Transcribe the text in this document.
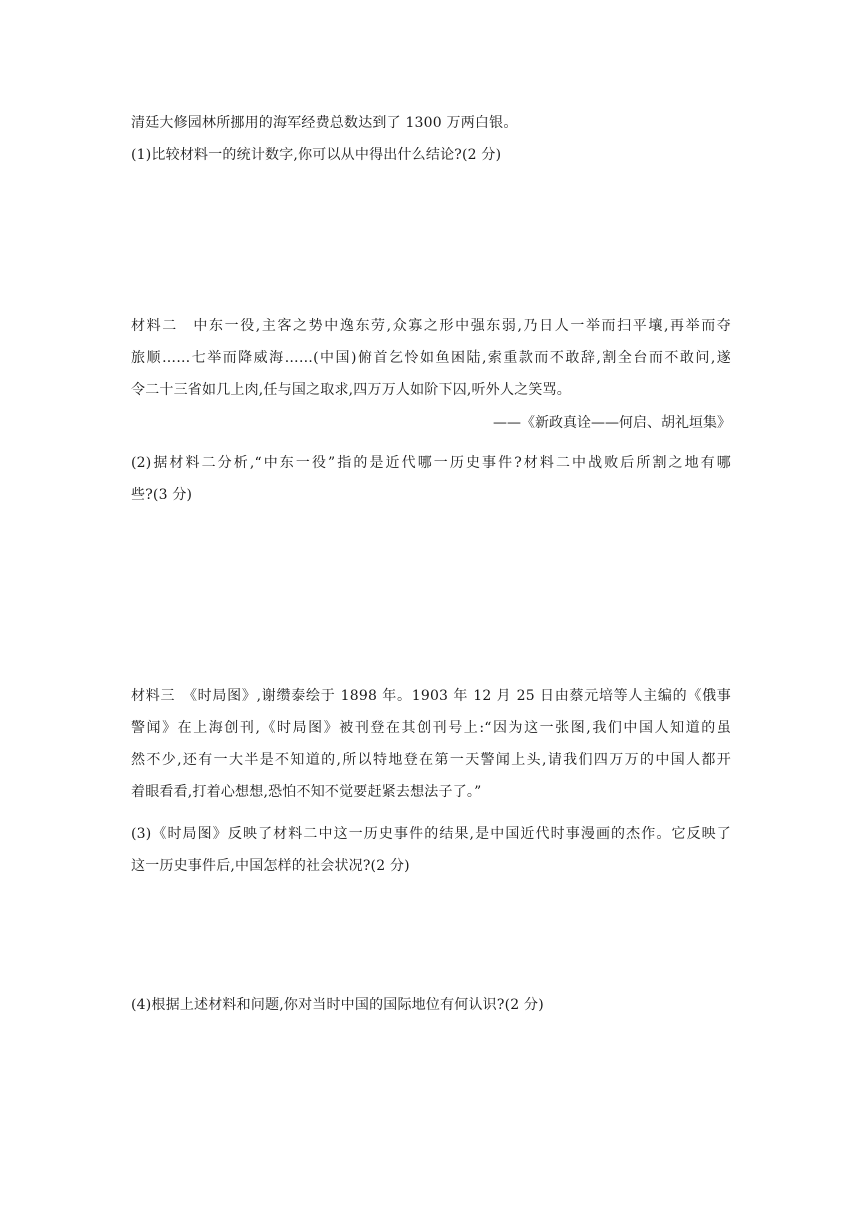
清廷大修园林所挪用的海军经费总数达到了 1300 万两白银。
(1)比较材料一的统计数字,你可以从中得出什么结论?(2 分)
材料二　中东一役,主客之势中逸东劳,众寡之形中强东弱,乃日人一举而扫平壤,再举而夺
旅顺……七举而降威海……(中国)俯首乞怜如鱼困陆,索重款而不敢辞,割全台而不敢问,遂
令二十三省如几上肉,任与国之取求,四万万人如阶下囚,听外人之笑骂。
——《新政真诠——何启、胡礼垣集》
(2)据材料二分析,“中东一役”指的是近代哪一历史事件?材料二中战败后所割之地有哪
些?(3 分)
材料三　《时局图》,谢缵泰绘于 1898 年。1903 年 12 月 25 日由蔡元培等人主编的《俄事
警闻》在上海创刊,《时局图》被刊登在其创刊号上:“因为这一张图,我们中国人知道的虽
然不少,还有一大半是不知道的,所以特地登在第一天警闻上头,请我们四万万的中国人都开
着眼看看,打着心想想,恐怕不知不觉要赶紧去想法子了。”
(3)《时局图》反映了材料二中这一历史事件的结果,是中国近代时事漫画的杰作。它反映了
这一历史事件后,中国怎样的社会状况?(2 分)
(4)根据上述材料和问题,你对当时中国的国际地位有何认识?(2 分)
